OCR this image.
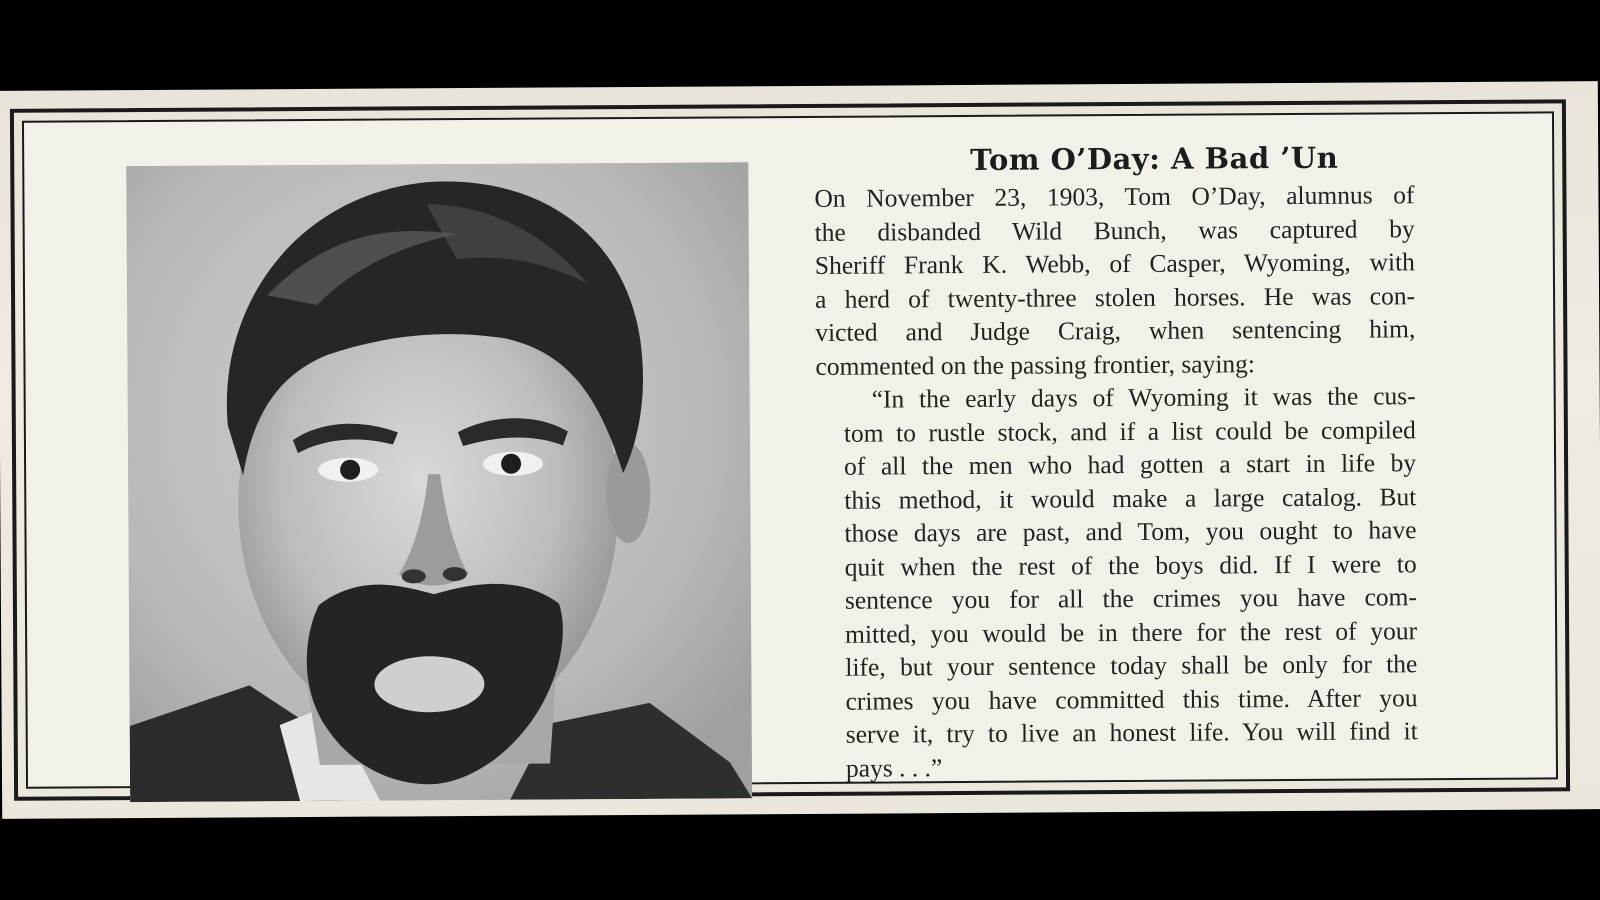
Tom O’Day: A Bad ’Un
On November 23, 1903, Tom O’Day, alumnus of
the disbanded Wild Bunch, was captured by
Sheriff Frank K. Webb, of Casper, Wyoming, with
a herd of twenty-three stolen horses. He was con-
victed and Judge Craig, when sentencing him,
commented on the passing frontier, saying:
“In the early days of Wyoming it was the cus-
tom to rustle stock, and if a list could be compiled
of all the men who had gotten a start in life by
this method, it would make a large catalog. But
those days are past, and Tom, you ought to have
quit when the rest of the boys did. If I were to
sentence you for all the crimes you have com-
mitted, you would be in there for the rest of your
life, but your sentence today shall be only for the
crimes you have committed this time. After you
serve it, try to live an honest life. You will find it
pays . . .”
